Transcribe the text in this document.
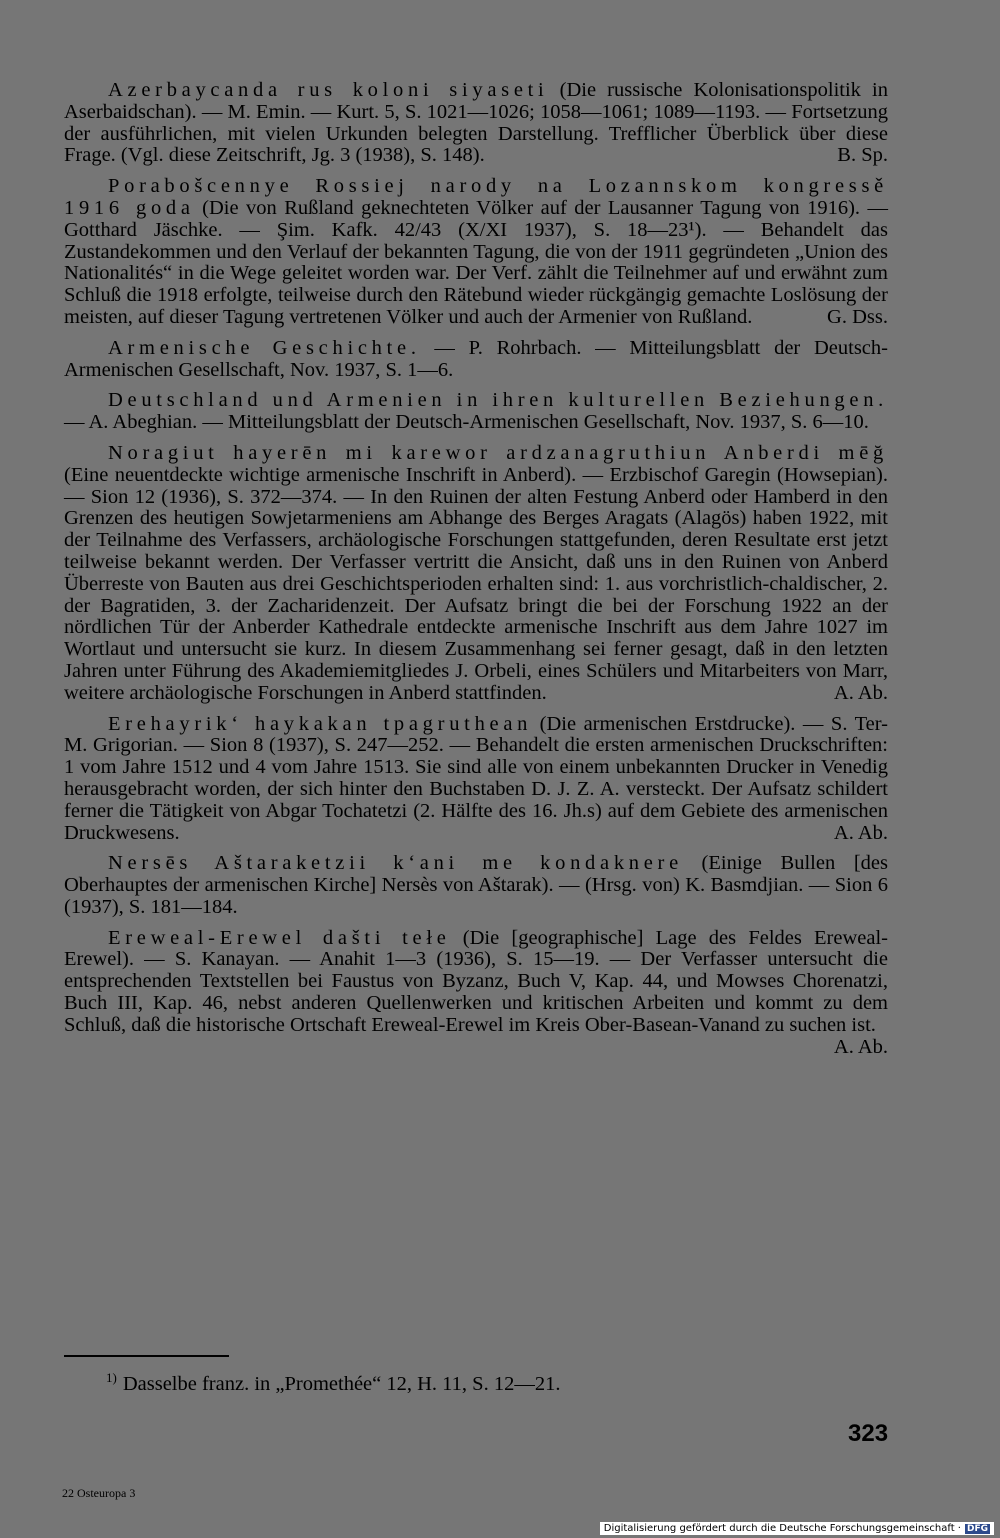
Azerbaycanda rus koloni siyaseti (Die russische Kolonisationspolitik in Aserbaidschan). — M. Emin. — Kurt. 5, S. 1021—1026; 1058—1061; 1089—1193. — Fortsetzung der ausführlichen, mit vielen Urkunden belegten Darstellung. Trefflicher Überblick über diese Frage. (Vgl. diese Zeitschrift, Jg. 3 (1938), S. 148).	B. Sp.

Porabošcennye Rossiej narody na Lozannskom kongressě 1916 goda (Die von Rußland geknechteten Völker auf der Lausanner Tagung von 1916). — Gotthard Jäschke. — Şim. Kafk. 42/43 (X/XI 1937), S. 18—23¹). — Behandelt das Zustandekommen und den Verlauf der bekannten Tagung, die von der 1911 gegründeten „Union des Nationalités“ in die Wege geleitet worden war. Der Verf. zählt die Teilnehmer auf und erwähnt zum Schluß die 1918 erfolgte, teilweise durch den Rätebund wieder rückgängig gemachte Loslösung der meisten, auf dieser Tagung vertretenen Völker und auch der Armenier von Rußland.	G. Dss.

Armenische Geschichte. — P. Rohrbach. — Mitteilungsblatt der Deutsch-Armenischen Gesellschaft, Nov. 1937, S. 1—6.

Deutschland und Armenien in ihren kulturellen Beziehungen. — A. Abeghian. — Mitteilungsblatt der Deutsch-Armenischen Gesellschaft, Nov. 1937, S. 6—10.

Noragiut hayerēn mi karewor ardzanagruthiun Anberdi mēğ (Eine neuentdeckte wichtige armenische Inschrift in Anberd). — Erzbischof Garegin (Howsepian). — Sion 12 (1936), S. 372—374. — In den Ruinen der alten Festung Anberd oder Hamberd in den Grenzen des heutigen Sowjetarmeniens am Abhange des Berges Aragats (Alagös) haben 1922, mit der Teilnahme des Verfassers, archäologische Forschungen stattgefunden, deren Resultate erst jetzt teilweise bekannt werden. Der Verfasser vertritt die Ansicht, daß uns in den Ruinen von Anberd Überreste von Bauten aus drei Geschichtsperioden erhalten sind: 1. aus vorchristlich-chaldischer, 2. der Bagratiden, 3. der Zacharidenzeit. Der Aufsatz bringt die bei der Forschung 1922 an der nördlichen Tür der Anberder Kathedrale entdeckte armenische Inschrift aus dem Jahre 1027 im Wortlaut und untersucht sie kurz. In diesem Zusammenhang sei ferner gesagt, daß in den letzten Jahren unter Führung des Akademiemitgliedes J. Orbeli, eines Schülers und Mitarbeiters von Marr, weitere archäologische Forschungen in Anberd stattfinden.	A. Ab.

Erehayrik‘ haykakan tpagruthean (Die armenischen Erstdrucke). — S. Ter-M. Grigorian. — Sion 8 (1937), S. 247—252. — Behandelt die ersten armenischen Druckschriften: 1 vom Jahre 1512 und 4 vom Jahre 1513. Sie sind alle von einem unbekannten Drucker in Venedig herausgebracht worden, der sich hinter den Buchstaben D. J. Z. A. versteckt. Der Aufsatz schildert ferner die Tätigkeit von Abgar Tochatetzi (2. Hälfte des 16. Jh.s) auf dem Gebiete des armenischen Druckwesens.	A. Ab.

Nersēs Aštaraketzii k‘ani me kondaknere (Einige Bullen [des Oberhauptes der armenischen Kirche] Nersès von Aštarak). — (Hrsg. von) K. Basmdjian. — Sion 6 (1937), S. 181—184.

Ereweal-Erewel dašti tełe (Die [geographische] Lage des Feldes Ereweal-Erewel). — S. Kanayan. — Anahit 1—3 (1936), S. 15—19. — Der Verfasser untersucht die entsprechenden Textstellen bei Faustus von Byzanz, Buch V, Kap. 44, und Mowses Chorenatzi, Buch III, Kap. 46, nebst anderen Quellenwerken und kritischen Arbeiten und kommt zu dem Schluß, daß die historische Ortschaft Ereweal-Erewel im Kreis Ober-Basean-Vanand zu suchen ist.
A. Ab.

$^{1)}$ Dasselbe franz. in „Promethée“ 12, H. 11, S. 12—21.
323
22 Osteuropa 3
Digitalisierung gefördert durch die Deutsche Forschungsgemeinschaft · DFG
